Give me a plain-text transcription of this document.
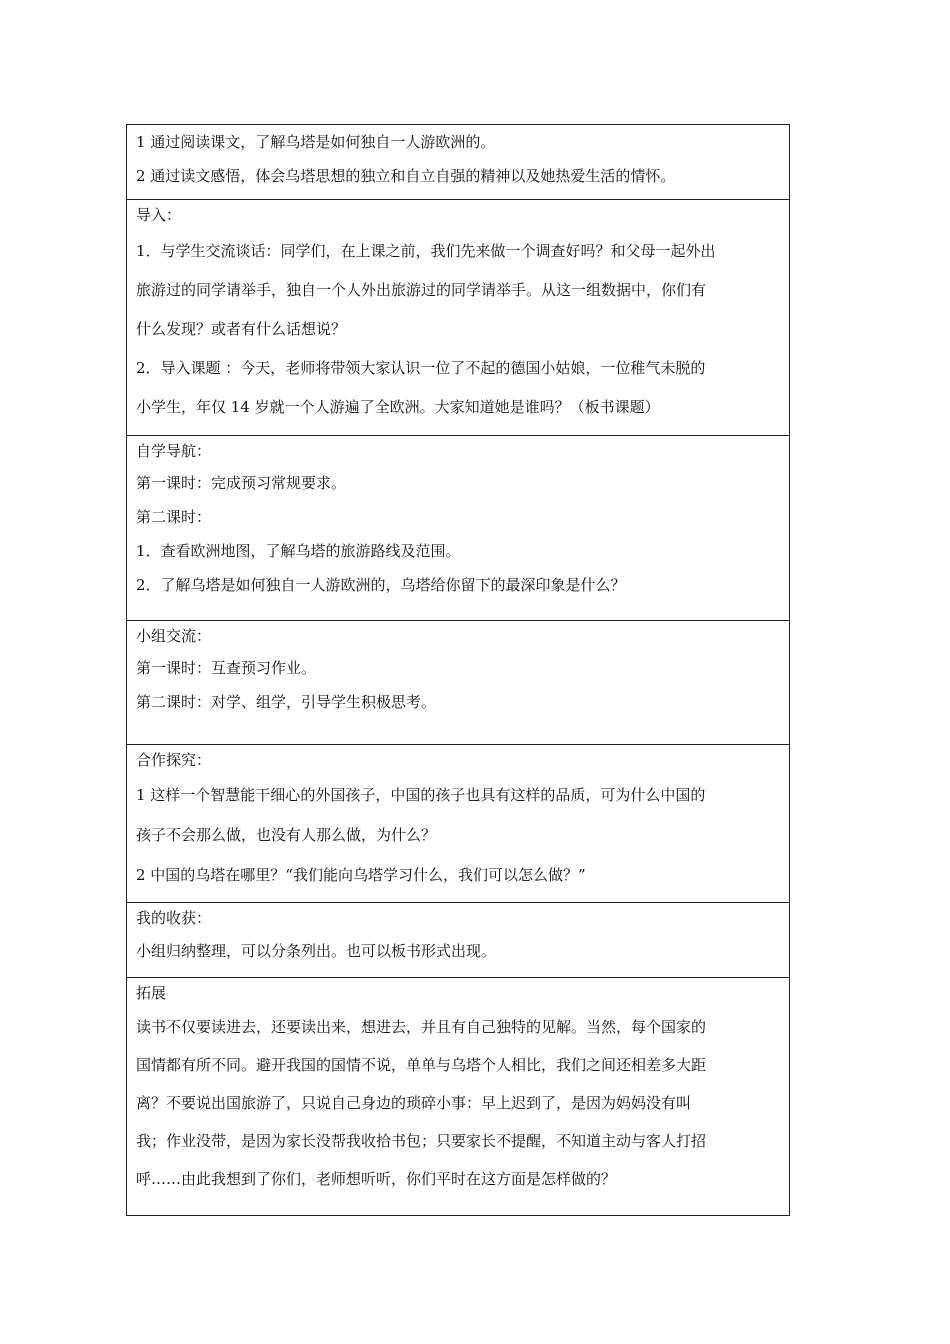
1 通过阅读课文，了解乌塔是如何独自一人游欧洲的。
2 通过读文感悟，体会乌塔思想的独立和自立自强的精神以及她热爱生活的情怀。
导入：
1．与学生交流谈话：同学们，在上课之前，我们先来做一个调查好吗？和父母一起外出
旅游过的同学请举手，独自一个人外出旅游过的同学请举手。从这一组数据中，你们有
什么发现？或者有什么话想说？
2．导入课题 ：今天，老师将带领大家认识一位了不起的德国小姑娘，一位稚气未脱的
小学生，年仅 14 岁就一个人游遍了全欧洲。大家知道她是谁吗？（板书课题）
自学导航：
第一课时：完成预习常规要求。
第二课时：
1．查看欧洲地图，了解乌塔的旅游路线及范围。
2．了解乌塔是如何独自一人游欧洲的，乌塔给你留下的最深印象是什么？
小组交流：
第一课时：互查预习作业。
第二课时：对学、组学，引导学生积极思考。
合作探究：
1 这样一个智慧能干细心的外国孩子，中国的孩子也具有这样的品质，可为什么中国的
孩子不会那么做，也没有人那么做，为什么？
2 中国的乌塔在哪里？“我们能向乌塔学习什么，我们可以怎么做？”
我的收获：
小组归纳整理，可以分条列出。也可以板书形式出现。
拓展
读书不仅要读进去，还要读出来，想进去，并且有自己独特的见解。当然，每个国家的
国情都有所不同。避开我国的国情不说，单单与乌塔个人相比，我们之间还相差多大距
离？不要说出国旅游了，只说自己身边的琐碎小事：早上迟到了，是因为妈妈没有叫
我；作业没带，是因为家长没帮我收拾书包；只要家长不提醒，不知道主动与客人打招
呼……由此我想到了你们，老师想听听，你们平时在这方面是怎样做的？
